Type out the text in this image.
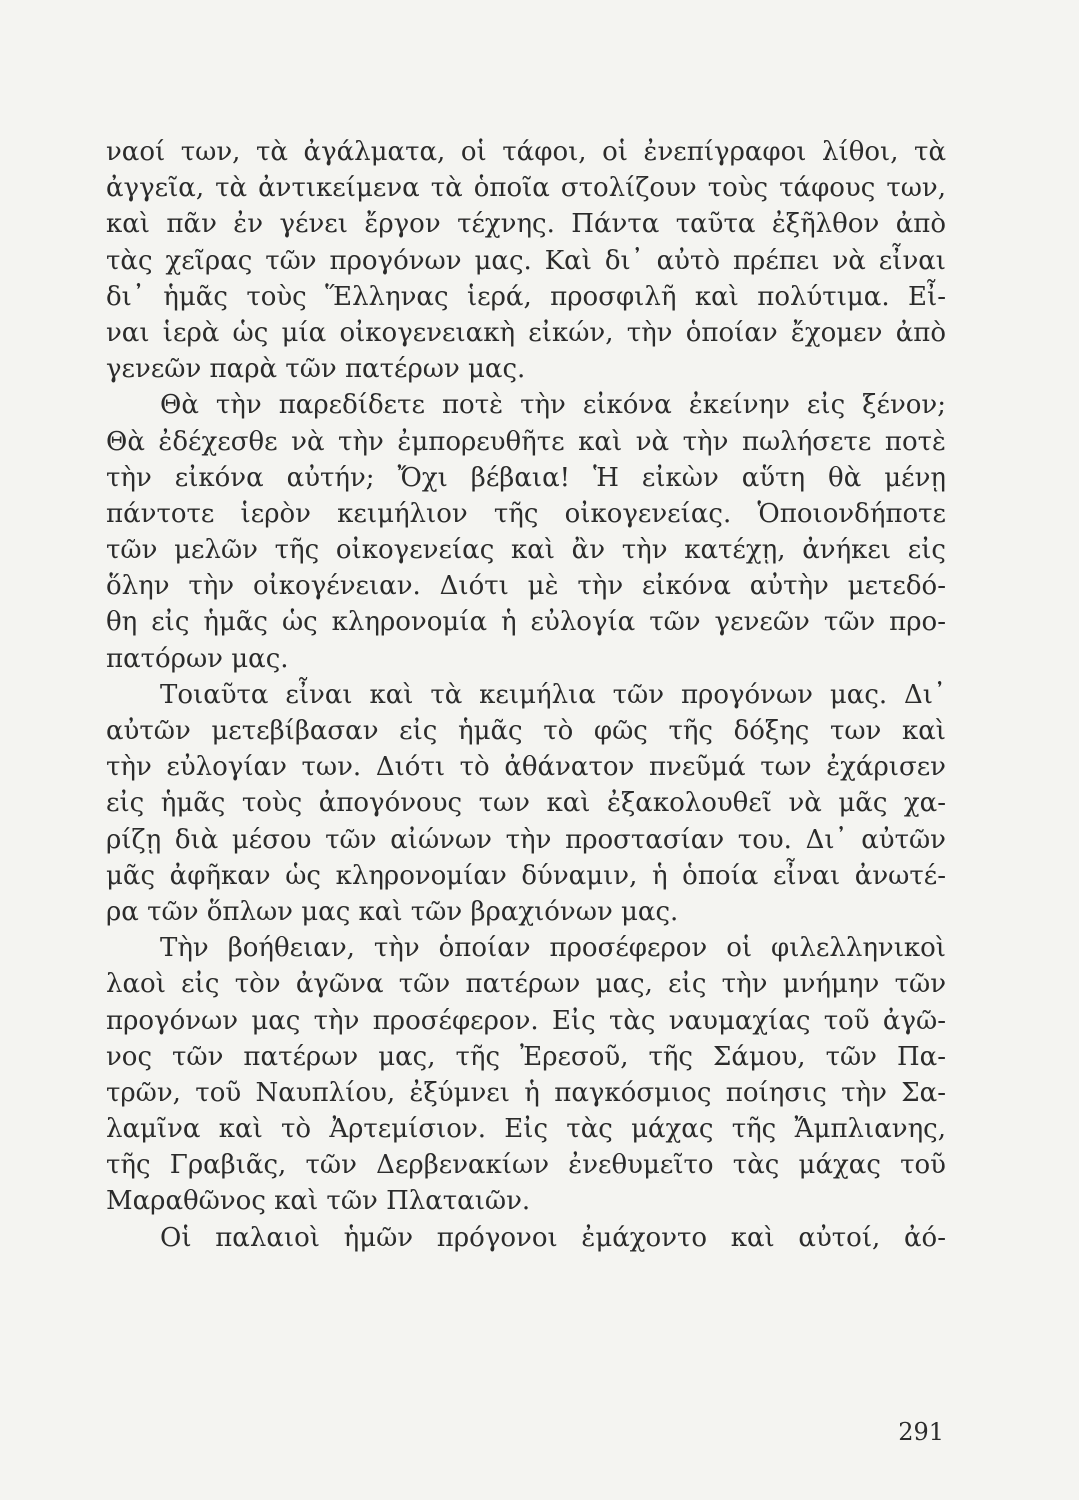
ναοί των, τὰ ἀγάλματα, οἱ τάφοι, οἱ ἐνεπίγραφοι λίθοι, τὰ
ἀγγεῖα, τὰ ἀντικείμενα τὰ ὁποῖα στολίζουν τοὺς τάφους των,
καὶ πᾶν ἐν γένει ἔργον τέχνης. Πάντα ταῦτα ἐξῆλθον ἀπὸ
τὰς χεῖρας τῶν προγόνων μας. Καὶ δι᾽ αὐτὸ πρέπει νὰ εἶναι
δι᾽ ἡμᾶς τοὺς Ἕλληνας ἱερά, προσφιλῆ καὶ πολύτιμα. Εἶ-
ναι ἱερὰ ὡς μία οἰκογενειακὴ εἰκών, τὴν ὁποίαν ἔχομεν ἀπὸ
γενεῶν παρὰ τῶν πατέρων μας.
Θὰ τὴν παρεδίδετε ποτὲ τὴν εἰκόνα ἐκείνην εἰς ξένον;
Θὰ ἐδέχεσθε νὰ τὴν ἐμπορευθῆτε καὶ νὰ τὴν πωλήσετε ποτὲ
τὴν εἰκόνα αὐτήν; Ὄχι βέβαια! Ἡ εἰκὼν αὕτη θὰ μένῃ
πάντοτε ἱερὸν κειμήλιον τῆς οἰκογενείας. Ὁποιονδήποτε
τῶν μελῶν τῆς οἰκογενείας καὶ ἂν τὴν κατέχῃ, ἀνήκει εἰς
ὅλην τὴν οἰκογένειαν. Διότι μὲ τὴν εἰκόνα αὐτὴν μετεδό-
θη εἰς ἡμᾶς ὡς κληρονομία ἡ εὐλογία τῶν γενεῶν τῶν προ-
πατόρων μας.
Τοιαῦτα εἶναι καὶ τὰ κειμήλια τῶν προγόνων μας. Δι᾽
αὐτῶν μετεβίβασαν εἰς ἡμᾶς τὸ φῶς τῆς δόξης των καὶ
τὴν εὐλογίαν των. Διότι τὸ ἀθάνατον πνεῦμά των ἐχάρισεν
εἰς ἡμᾶς τοὺς ἀπογόνους των καὶ ἐξακολουθεῖ νὰ μᾶς χα-
ρίζῃ διὰ μέσου τῶν αἰώνων τὴν προστασίαν του. Δι᾽ αὐτῶν
μᾶς ἀφῆκαν ὡς κληρονομίαν δύναμιν, ἡ ὁποία εἶναι ἀνωτέ-
ρα τῶν ὅπλων μας καὶ τῶν βραχιόνων μας.
Τὴν βοήθειαν, τὴν ὁποίαν προσέφερον οἱ φιλελληνικοὶ
λαοὶ εἰς τὸν ἀγῶνα τῶν πατέρων μας, εἰς τὴν μνήμην τῶν
προγόνων μας τὴν προσέφερον. Εἰς τὰς ναυμαχίας τοῦ ἀγῶ-
νος τῶν πατέρων μας, τῆς Ἐρεσοῦ, τῆς Σάμου, τῶν Πα-
τρῶν, τοῦ Ναυπλίου, ἐξύμνει ἡ παγκόσμιος ποίησις τὴν Σα-
λαμῖνα καὶ τὸ Ἀρτεμίσιον. Εἰς τὰς μάχας τῆς Ἄμπλιανης,
τῆς Γραβιᾶς, τῶν Δερβενακίων ἐνεθυμεῖτο τὰς μάχας τοῦ
Μαραθῶνος καὶ τῶν Πλαταιῶν.
Οἱ παλαιοὶ ἡμῶν πρόγονοι ἐμάχοντο καὶ αὐτοί, ἀό-
291
